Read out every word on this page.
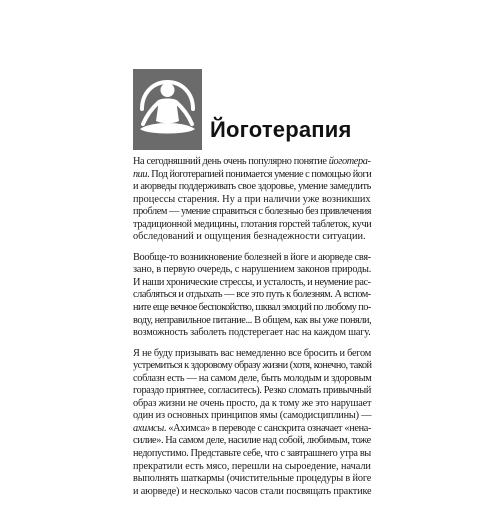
Йоготерапия

На сегодняшний день очень популярно понятие йоготера-
пии. Под йоготерапией понимается умение с помощью йоги
и аюрведы поддерживать свое здоровье, умение замедлить
процессы старения. Ну а при наличии уже возникших
проблем — умение справиться с болезнью без привлечения
традиционной медицины, глотания горстей таблеток, кучи
обследований и ощущения безнадежности ситуации.

Вообще-то возникновение болезней в йоге и аюрведе свя-
зано, в первую очередь, с нарушением законов природы.
И наши хронические стрессы, и усталость, и неумение рас-
слабляться и отдыхать — все это путь к болезням. А вспом-
ните еще вечное беспокойство, шквал эмоций по любому по-
воду, неправильное питание... В общем, как вы уже поняли,
возможность заболеть подстерегает нас на каждом шагу.

Я не буду призывать вас немедленно все бросить и бегом
устремиться к здоровому образу жизни (хотя, конечно, такой
соблазн есть — на самом деле, быть молодым и здоровым
гораздо приятнее, согласитесь). Резко сломать привычный
образ жизни не очень просто, да к тому же это нарушает
один из основных принципов ямы (самодисциплины) —
ахимсы. «Ахимса» в переводе с санскрита означает «нена-
силие». На самом деле, насилие над собой, любимым, тоже
недопустимо. Представьте себе, что с завтрашнего утра вы
прекратили есть мясо, перешли на сыроедение, начали
выполнять шаткармы (очистительные процедуры в йоге
и аюрведе) и несколько часов стали посвящать практике
